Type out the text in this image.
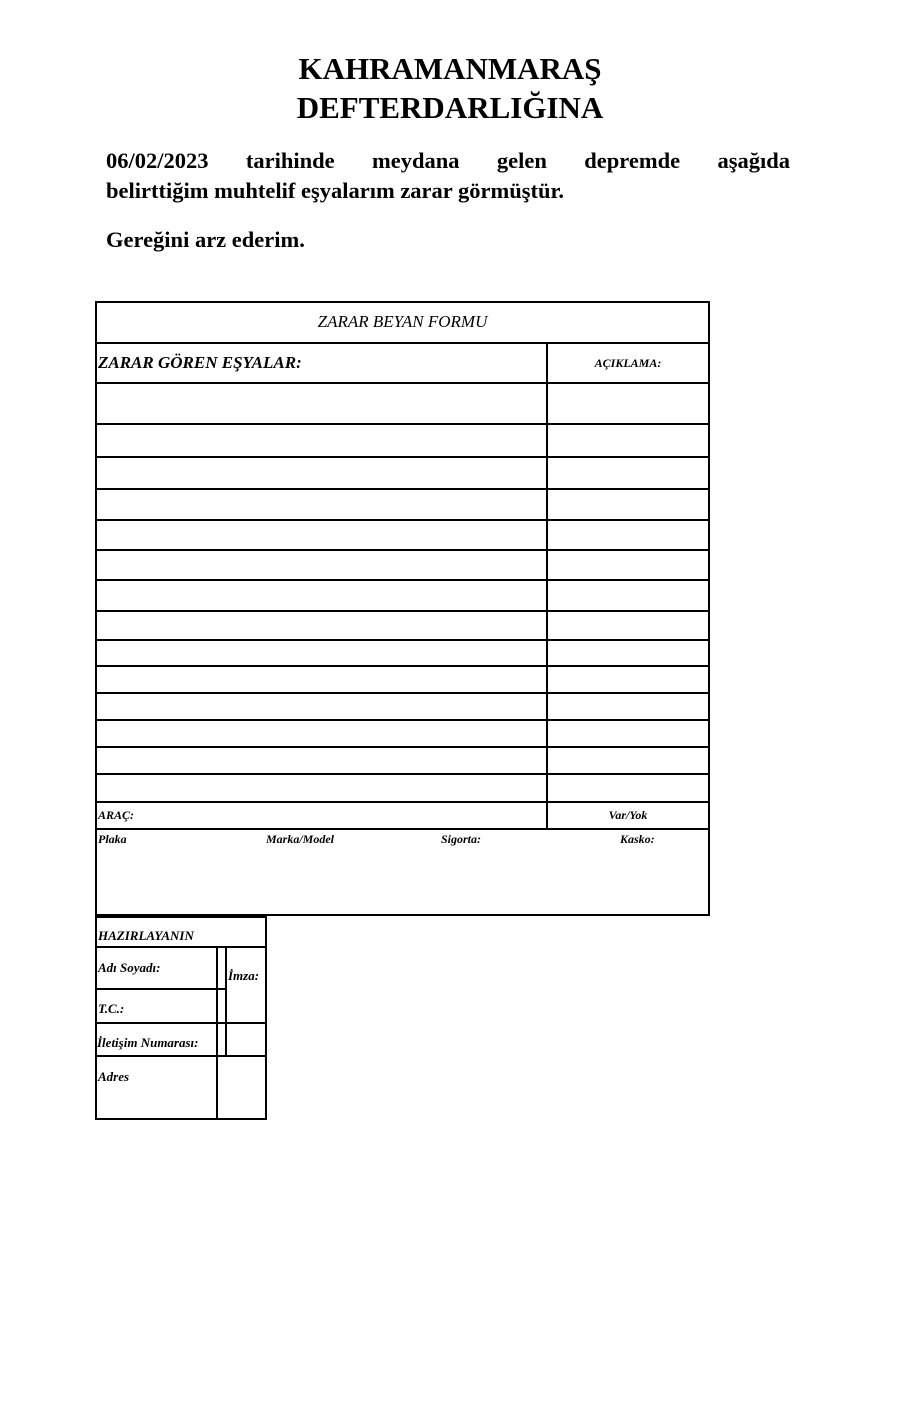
KAHRAMANMARAŞ
DEFTERDARLIĞINA
06/02/2023 tarihinde meydana gelen depremde aşağıda
belirttiğim muhtelif eşyalarım zarar görmüştür.
Gereğini arz ederim.
ZARAR BEYAN FORMU
ZARAR GÖREN EŞYALAR:	AÇIKLAMA:
ARAÇ:	Var/Yok
Plaka	Marka/Model	Sigorta:	Kasko:
HAZIRLAYANIN
Adı Soyadı:
İmza:
T.C.:
İletişim Numarası:
Adres
